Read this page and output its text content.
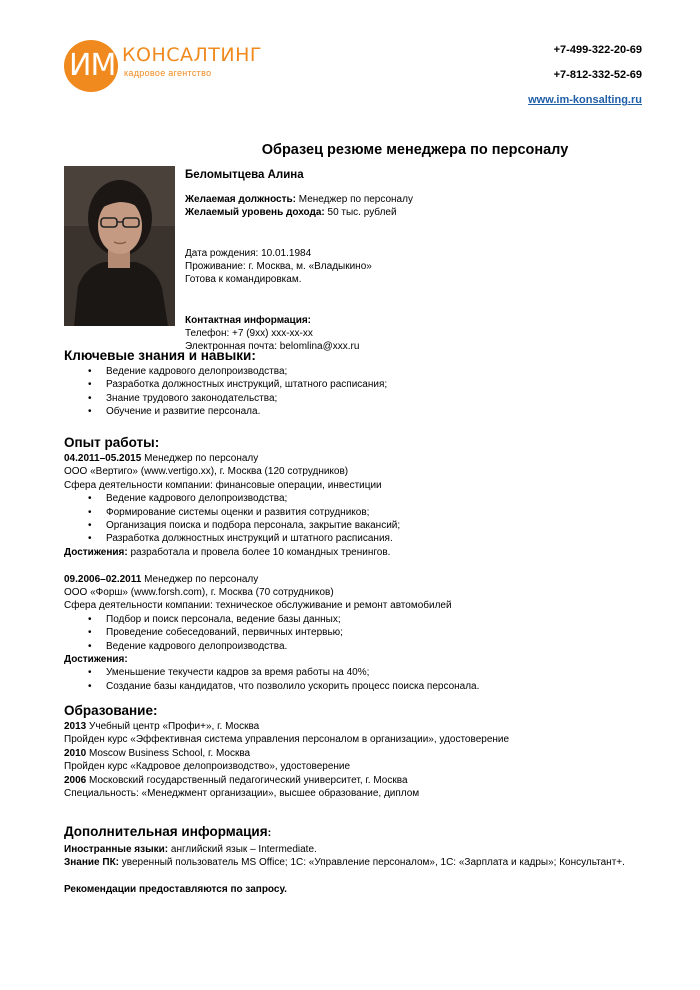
ИМ КОНСАЛТИНГ
кадровое агентство
+7-499-322-20-69
+7-812-332-52-69
www.im-konsalting.ru
Образец резюме менеджера по персоналу
Беломытцева Алина

Желаемая должность: Менеджер по персоналу

Желаемый уровень дохода: 50 тыс. рублей

Дата рождения: 10.01.1984

Проживание: г. Москва, м. «Владыкино»

Готова к командировкам.

Контактная информация:

Телефон: +7 (9хх) ххх-хх-хх

Электронная почта: belomlina@xxx.ru

Ключевые знания и навыки:
• Ведение кадрового делопроизводства;
• Разработка должностных инструкций, штатного расписания;
• Знание трудового законодательства;
• Обучение и развитие персонала.
Опыт работы:

04.2011–05.2015 Менеджер по персоналу

ООО «Вертиго» (www.vertigo.xx), г. Москва (120 сотрудников)

Сфера деятельности компании: финансовые операции, инвестиции

• Ведение кадрового делопроизводства;
• Формирование системы оценки и развития сотрудников;
• Организация поиска и подбора персонала, закрытие вакансий;
• Разработка должностных инструкций и штатного расписания.

Достижения: разработала и провела более 10 командных тренингов.

09.2006–02.2011 Менеджер по персоналу

ООО «Форш» (www.forsh.com), г. Москва (70 сотрудников)

Сфера деятельности компании: техническое обслуживание и ремонт автомобилей

• Подбор и поиск персонала, ведение базы данных;
• Проведение собеседований, первичных интервью;
• Ведение кадрового делопроизводства.

Достижения:

• Уменьшение текучести кадров за время работы на 40%;
• Создание базы кандидатов, что позволило ускорить процесс поиска персонала.
Образование:

2013 Учебный центр «Профи+», г. Москва

Пройден курс «Эффективная система управления персоналом в организации», удостоверение

2010 Moscow Business School, г. Москва

Пройден курс «Кадровое делопроизводство», удостоверение

2006 Московский государственный педагогический университет, г. Москва

Специальность: «Менеджмент организации», высшее образование, диплом

Дополнительная информация:

Иностранные языки: английский язык – Intermediate.

Знание ПК: уверенный пользователь MS Office; 1С: «Управление персоналом», 1С: «Зарплата и кадры»; Консультант+.

Рекомендации предоставляются по запросу.
